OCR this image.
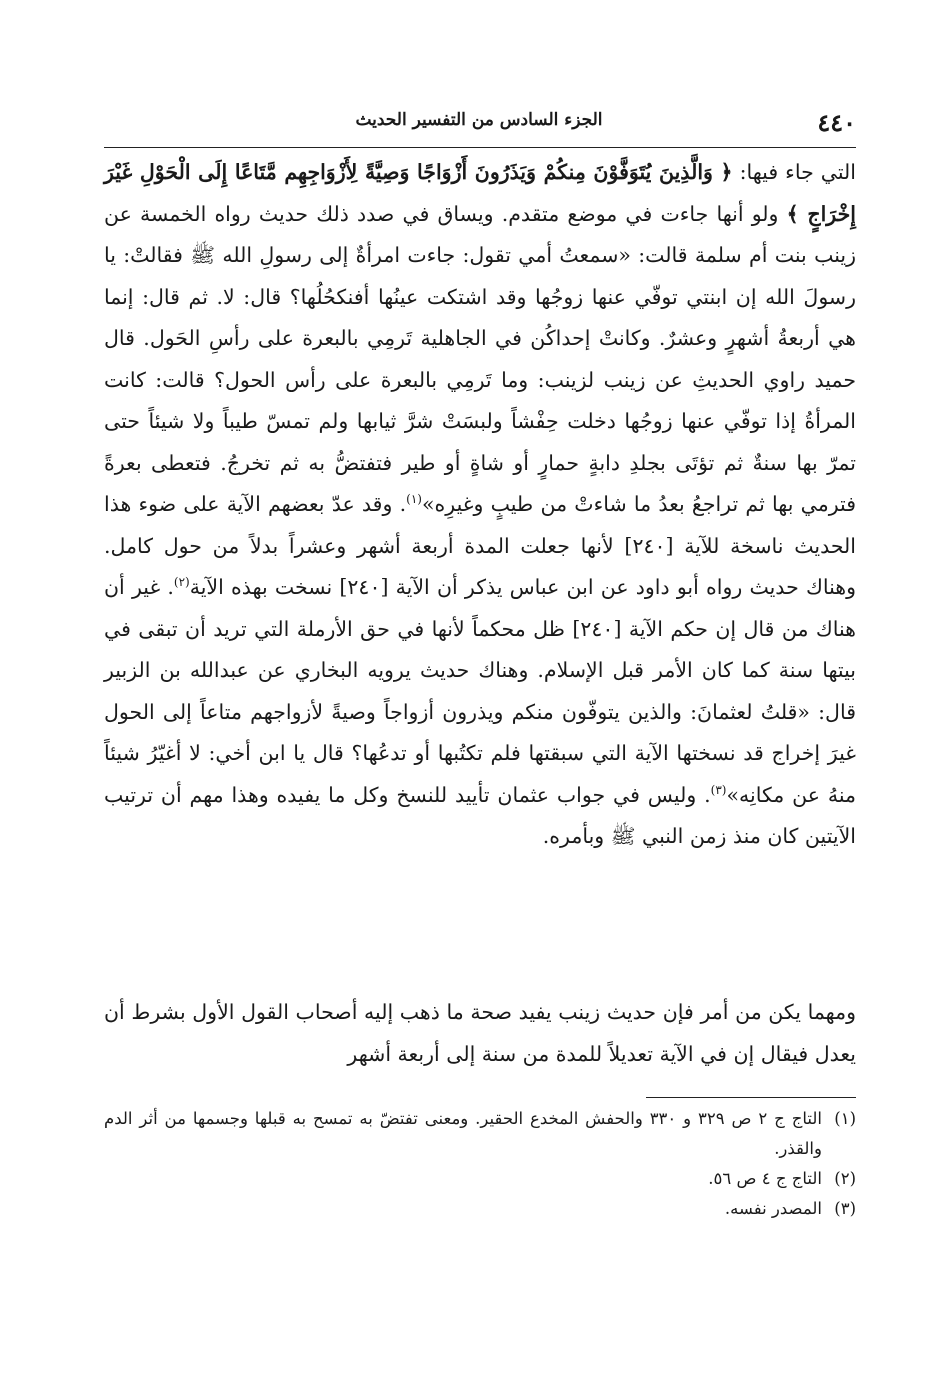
٤٤٠
الجزء السادس من التفسير الحديث
التي جاء فيها: ﴿ وَالَّذِينَ يُتَوَفَّوْنَ مِنكُمْ وَيَذَرُونَ أَزْوَاجًا وَصِيَّةً لِأَزْوَاجِهِم مَّتَاعًا إِلَى الْحَوْلِ غَيْرَ إِخْرَاجٍ ﴾ ولو أنها جاءت في موضع متقدم. ويساق في صدد ذلك حديث رواه الخمسة عن زينب بنت أم سلمة قالت: «سمعتُ أمي تقول: جاءت امرأةٌ إلى رسولِ الله ﷺ فقالتْ: يا رسولَ الله إن ابنتي توفّي عنها زوجُها وقد اشتكت عينُها أفنكحُلُها؟ قال: لا. ثم قال: إنما هي أربعةُ أشهرٍ وعشرٌ. وكانتْ إحداكُن في الجاهلية تَرمِي بالبعرة على رأسِ الحَول. قال حميد راوي الحديثِ عن زينب لزينب: وما تَرمِي بالبعرة على رأس الحول؟ قالت: كانت المرأةُ إذا توفّي عنها زوجُها دخلت حِفْشاً ولبسَتْ شرَّ ثيابها ولم تمسّ طيباً ولا شيئاً حتى تمرّ بها سنةٌ ثم تؤتَى بجلدِ دابةٍ حمارٍ أو شاةٍ أو طير فتفتضُّ به ثم تخرجُ. فتعطى بعرةً فترمي بها ثم تراجعُ بعدُ ما شاءتْ من طيبٍ وغيرِه»$^{(١)}$. وقد عدّ بعضهم الآية على ضوء هذا الحديث ناسخة للآية [٢٤٠] لأنها جعلت المدة أربعة أشهر وعشراً بدلاً من حول كامل. وهناك حديث رواه أبو داود عن ابن عباس يذكر أن الآية [٢٤٠] نسخت بهذه الآية$^{(٢)}$. غير أن هناك من قال إن حكم الآية [٢٤٠] ظل محكماً لأنها في حق الأرملة التي تريد أن تبقى في بيتها سنة كما كان الأمر قبل الإسلام. وهناك حديث يرويه البخاري عن عبدالله بن الزبير قال: «قلتُ لعثمانَ: والذين يتوفّون منكم ويذرون أزواجاً وصيةً لأزواجهم متاعاً إلى الحول غيرَ إخراج قد نسختها الآية التي سبقتها فلم تكتُبها أو تدعُها؟ قال يا ابن أخي: لا أغيّرُ شيئاً منهُ عن مكانِه»$^{(٣)}$. وليس في جواب عثمان تأييد للنسخ وكل ما يفيده وهذا مهم أن ترتيب الآيتين كان منذ زمن النبي ﷺ وبأمره.
ومهما يكن من أمر فإن حديث زينب يفيد صحة ما ذهب إليه أصحاب القول الأول بشرط أن يعدل فيقال إن في الآية تعديلاً للمدة من سنة إلى أربعة أشهر
(١)
التاج ج ٢ ص ٣٢٩ و ٣٣٠ والحفش المخدع الحقير. ومعنى تفتضّ به تمسح به قبلها وجسمها من أثر الدم والقذر.
(٢)
التاج ج ٤ ص ٥٦.
(٣)
المصدر نفسه.
